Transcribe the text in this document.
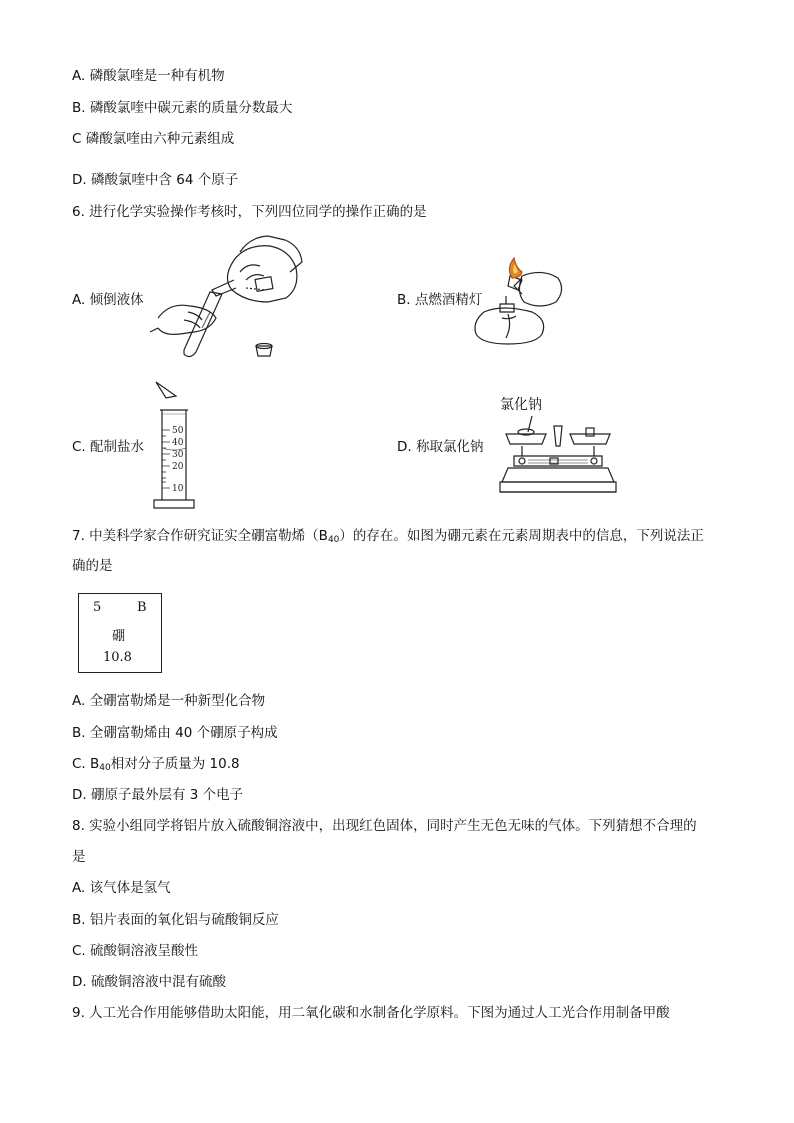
A. 磷酸氯喹是一种有机物
B. 磷酸氯喹中碳元素的质量分数最大
C 磷酸氯喹由六种元素组成
D. 磷酸氯喹中含 64 个原子
6. 进行化学实验操作考核时，下列四位同学的操作正确的是
A. 倾倒液体	B. 点燃酒精灯
C. 配制盐水	D. 称取氯化钠
50
40
30
20
10
氯化钠
7. 中美科学家合作研究证实全硼富勒烯$(B_{40})$的存在。如图为硼元素在元素周期表中的信息，下列说法正
确的是
5	B
硼
10.8
A. 全硼富勒烯是一种新型化合物
B. 全硼富勒烯由 40 个硼原子构成
C. $B_{40}$相对分子质量为 10.8
D. 硼原子最外层有 3 个电子
8. 实验小组同学将铝片放入硫酸铜溶液中，出现红色固体，同时产生无色无味的气体。下列猜想不合理的
是
A. 该气体是氢气
B. 铝片表面的氧化铝与硫酸铜反应
C. 硫酸铜溶液呈酸性
D. 硫酸铜溶液中混有硫酸
9. 人工光合作用能够借助太阳能，用二氧化碳和水制备化学原料。下图为通过人工光合作用制备甲酸
